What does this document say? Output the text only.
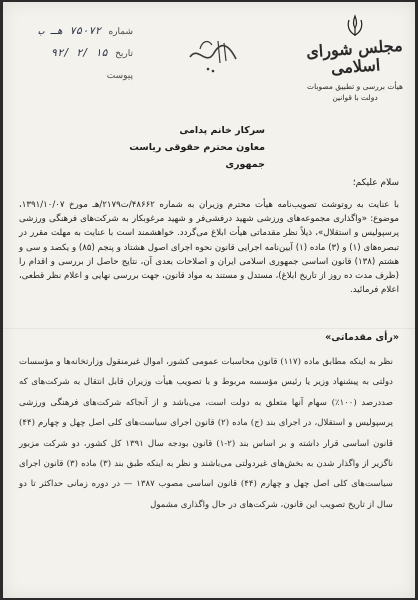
شماره ۷۵۰۷۲ هـ ب
تاریخ ۱۵ /۲ /۹۲
پیوست
مجلس شورای اسلامی
هیأت بررسی و تطبیق مصوبات
دولت با قوانین
سرکار خانم پدامی
معاون محترم حقوقی ریاست جمهوری
سلام علیکم؛
با عنایت به روتوشت تصویب‌نامه هیأت محترم وزیران به شماره ۴۸۶۶۲/ت۲۱۷۹/هـ مورخ ۱۳۹۱/۱۰/۰۷، موضوع: «واگذاری مجموعه‌های ورزشی شهید درفشی‌فر و شهید مرغوبکار به شرکت‌های فرهنگی ورزشی پرسپولیس و استقلال»، ذیلاً نظر مقدماتی هیأت ابلاغ می‌گردد. خواهشمند است با عنایت به مهلت مقرر در تبصره‌های (۱) و (۳) ماده (۱) آیین‌نامه اجرایی قانون نحوه اجرای اصول هشتاد و پنجم (۸۵) و یکصد و سی و هشتم (۱۳۸) قانون اساسی جمهوری اسلامی ایران و اصلاحات بعدی آن، نتایج حاصل از بررسی و اقدام را (ظرف مدت ده روز از تاریخ ابلاغ)، مستدل و مستند به مواد قانون، جهت بررسی نهایی و اعلام نظر قطعی، اعلام فرمائید.
«رأی مقدماتی»
نظر به اینکه مطابق ماده (۱۱۷) قانون محاسبات عمومی کشور، اموال غیرمنقول وزارتخانه‌ها و مؤسسات دولتی به پیشنهاد وزیر یا رئیس مؤسسه مربوط و با تصویب هیأت وزیران قابل انتقال به شرکت‌های که صددرصد (۱۰۰٪) سهام آنها متعلق به دولت است، می‌باشد و از آنجاکه شرکت‌های فرهنگی ورزشی پرسپولیس و استقلال، در اجرای بند (ج) ماده (۲) قانون اجرای سیاست‌های کلی اصل چهل و چهارم (۴۴) قانون اساسی قرار داشته و بر اساس بند (۲-۱) قانون بودجه سال ۱۳۹۱ کل کشور، دو شرکت مزبور ناگزیر از واگذار شدن به بخش‌های غیردولتی می‌باشند و نظر به اینکه طبق بند (۳) ماده (۳) قانون اجرای سیاست‌های کلی اصل چهل و چهارم (۴۴) قانون اساسی مصوب ۱۳۸۷ — در دوره زمانی حداکثر تا دو سال از تاریخ تصویب این قانون، شرکت‌های در حال واگذاری مشمول
